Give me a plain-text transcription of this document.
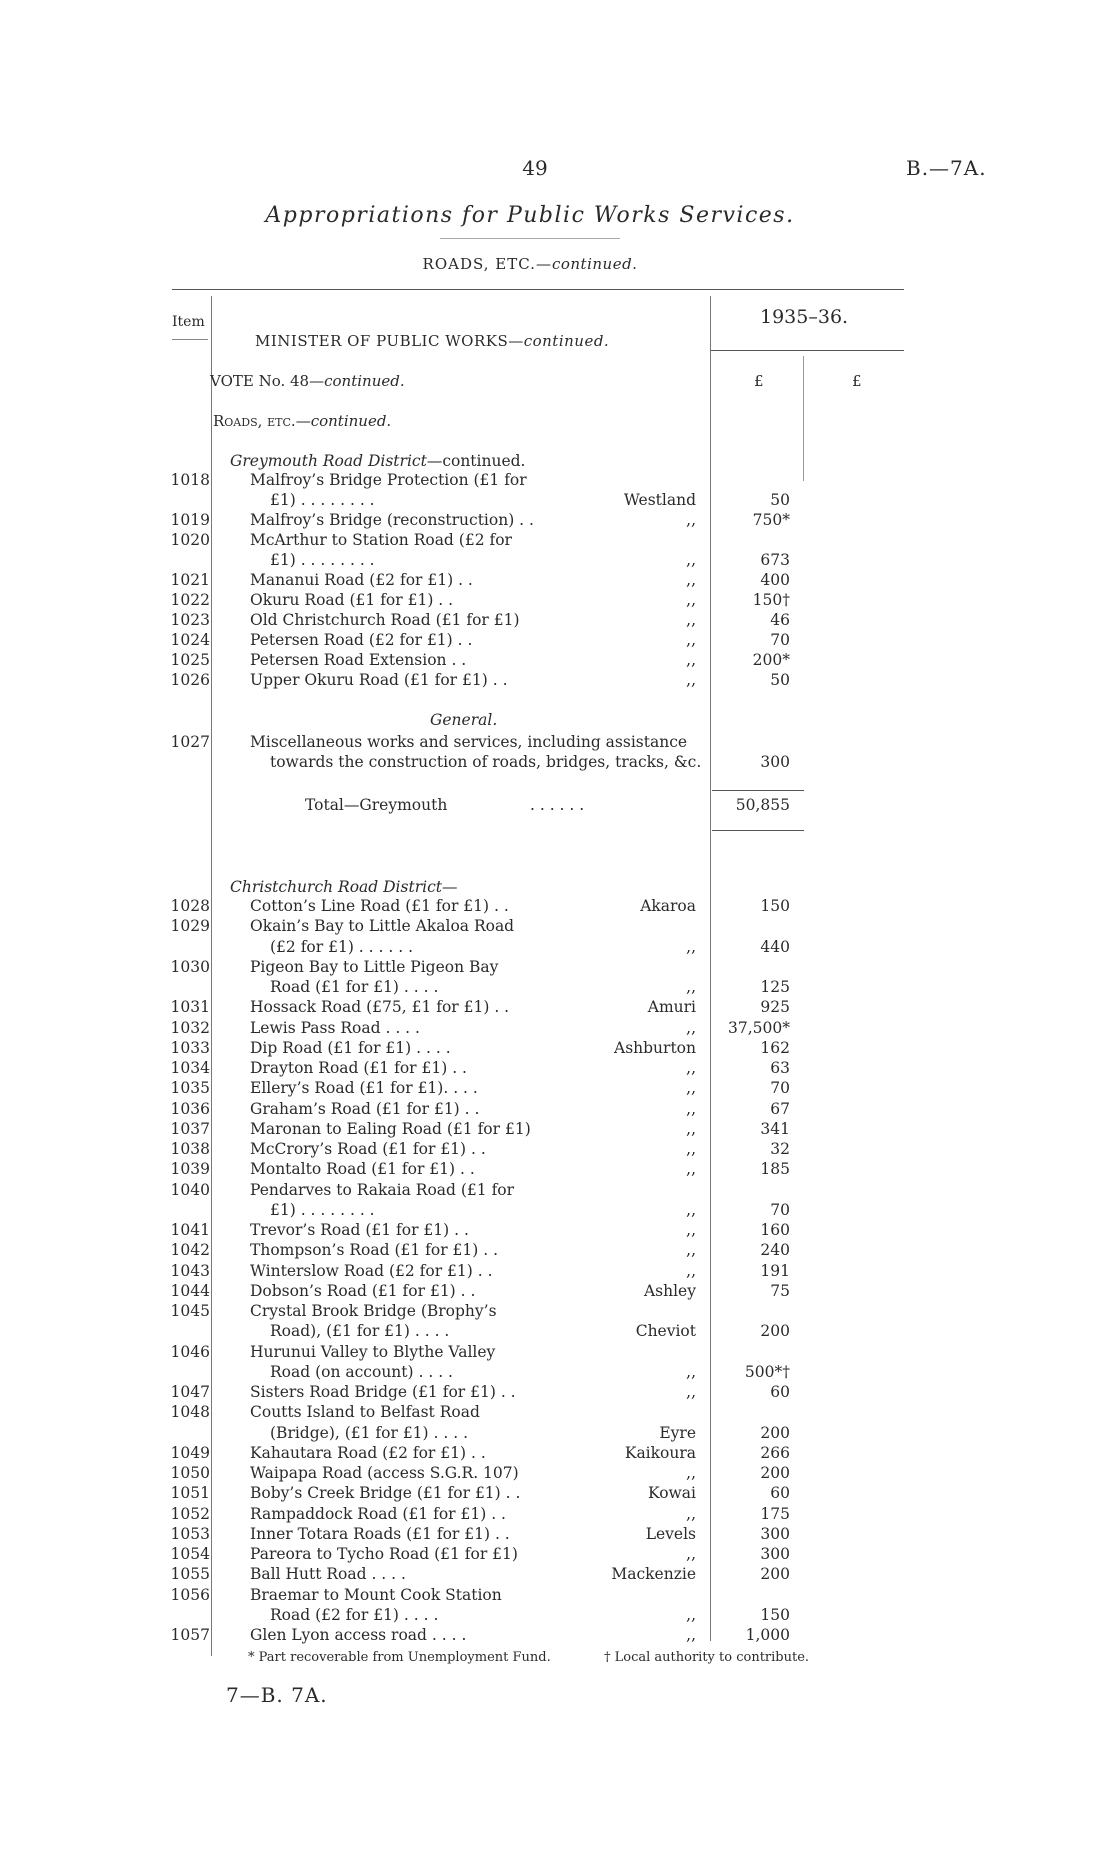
49	B.—7A.
Appropriations for Public Works Services.
ROADS, ETC.—continued.
Item	1935–36.
MINISTER OF PUBLIC WORKS—continued.
VOTE No. 48—continued.	£	£
Roads, etc.—continued.
Greymouth Road District—continued.
1018	Malfroy’s Bridge Protection (£1 for
£1) . . . . . . . .	Westland	50
1019	Malfroy’s Bridge (reconstruction) . .	,,	750*
1020	McArthur to Station Road (£2 for
£1) . . . . . . . .	,,	673
1021	Mananui Road (£2 for £1) . .	,,	400
1022	Okuru Road (£1 for £1) . .	,,	150†
1023	Old Christchurch Road (£1 for £1)	,,	46
1024	Petersen Road (£2 for £1) . .	,,	70
1025	Petersen Road Extension . .	,,	200*
1026	Upper Okuru Road (£1 for £1) . .	,,	50
General.
1027	Miscellaneous works and services, including assistance
towards the construction of roads, bridges, tracks, &c.	300
Total—Greymouth	. . . . . .	50,855
Christchurch Road District—
1028	Cotton’s Line Road (£1 for £1) . .	Akaroa	150
1029	Okain’s Bay to Little Akaloa Road
(£2 for £1) . . . . . .	,,	440
1030	Pigeon Bay to Little Pigeon Bay
Road (£1 for £1) . . . .	,,	125
1031	Hossack Road (£75, £1 for £1) . .	Amuri	925
1032	Lewis Pass Road . . . .	,,	37,500*
1033	Dip Road (£1 for £1) . . . .	Ashburton	162
1034	Drayton Road (£1 for £1) . .	,,	63
1035	Ellery’s Road (£1 for £1). . . .	,,	70
1036	Graham’s Road (£1 for £1) . .	,,	67
1037	Maronan to Ealing Road (£1 for £1)	,,	341
1038	McCrory’s Road (£1 for £1) . .	,,	32
1039	Montalto Road (£1 for £1) . .	,,	185
1040	Pendarves to Rakaia Road (£1 for
£1) . . . . . . . .	,,	70
1041	Trevor’s Road (£1 for £1) . .	,,	160
1042	Thompson’s Road (£1 for £1) . .	,,	240
1043	Winterslow Road (£2 for £1) . .	,,	191
1044	Dobson’s Road (£1 for £1) . .	Ashley	75
1045	Crystal Brook Bridge (Brophy’s
Road), (£1 for £1) . . . .	Cheviot	200
1046	Hurunui Valley to Blythe Valley
Road (on account) . . . .	,,	500*†
1047	Sisters Road Bridge (£1 for £1) . .	,,	60
1048	Coutts Island to Belfast Road
(Bridge), (£1 for £1) . . . .	Eyre	200
1049	Kahautara Road (£2 for £1) . .	Kaikoura	266
1050	Waipapa Road (access S.G.R. 107)	,,	200
1051	Boby’s Creek Bridge (£1 for £1) . .	Kowai	60
1052	Rampaddock Road (£1 for £1) . .	,,	175
1053	Inner Totara Roads (£1 for £1) . .	Levels	300
1054	Pareora to Tycho Road (£1 for £1)	,,	300
1055	Ball Hutt Road . . . .	Mackenzie	200
1056	Braemar to Mount Cook Station
Road (£2 for £1) . . . .	,,	150
1057	Glen Lyon access road . . . .	,,	1,000
* Part recoverable from Unemployment Fund.	† Local authority to contribute.
7—B. 7A.
